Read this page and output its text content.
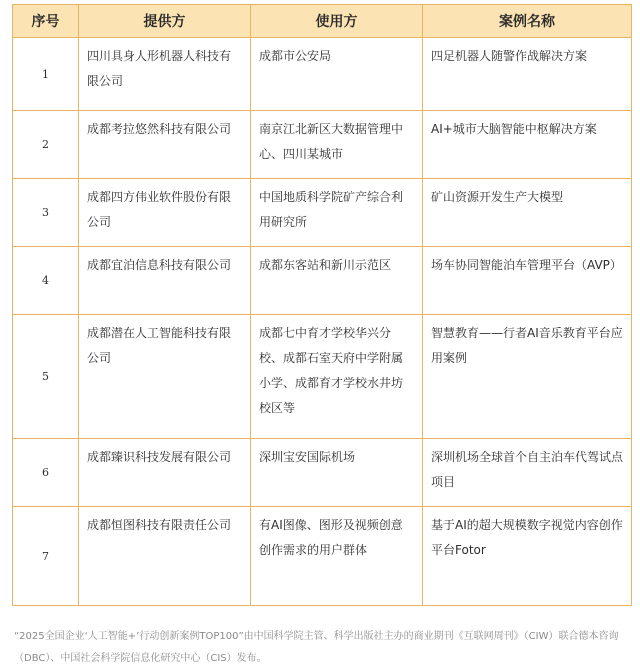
序号	提供方	使用方	案例名称
1	四川具身人形机器人科技有限公司	成都市公安局	四足机器人随警作战解决方案
2	成都考拉悠然科技有限公司	南京江北新区大数据管理中心、四川某城市	AI+城市大脑智能中枢解决方案
3	成都四方伟业软件股份有限公司	中国地质科学院矿产综合利用研究所	矿山资源开发生产大模型
4	成都宜泊信息科技有限公司	成都东客站和新川示范区	场车协同智能泊车管理平台（AVP）
5	成都潜在人工智能科技有限公司	成都七中育才学校华兴分校、成都石室天府中学附属小学、成都育才学校水井坊校区等	智慧教育——行者AI音乐教育平台应用案例
6	成都臻识科技发展有限公司	深圳宝安国际机场	深圳机场全球首个自主泊车代驾试点项目
7	成都恒图科技有限责任公司	有AI图像、图形及视频创意创作需求的用户群体	基于AI的超大规模数字视觉内容创作平台Fotor
“2025全国企业‘人工智能+’行动创新案例TOP100”由中国科学院主管、科学出版社主办的商业期刊《互联网周刊》（CIW）联合德本咨询（DBC）、中国社会科学院信息化研究中心（CIS）发布。
